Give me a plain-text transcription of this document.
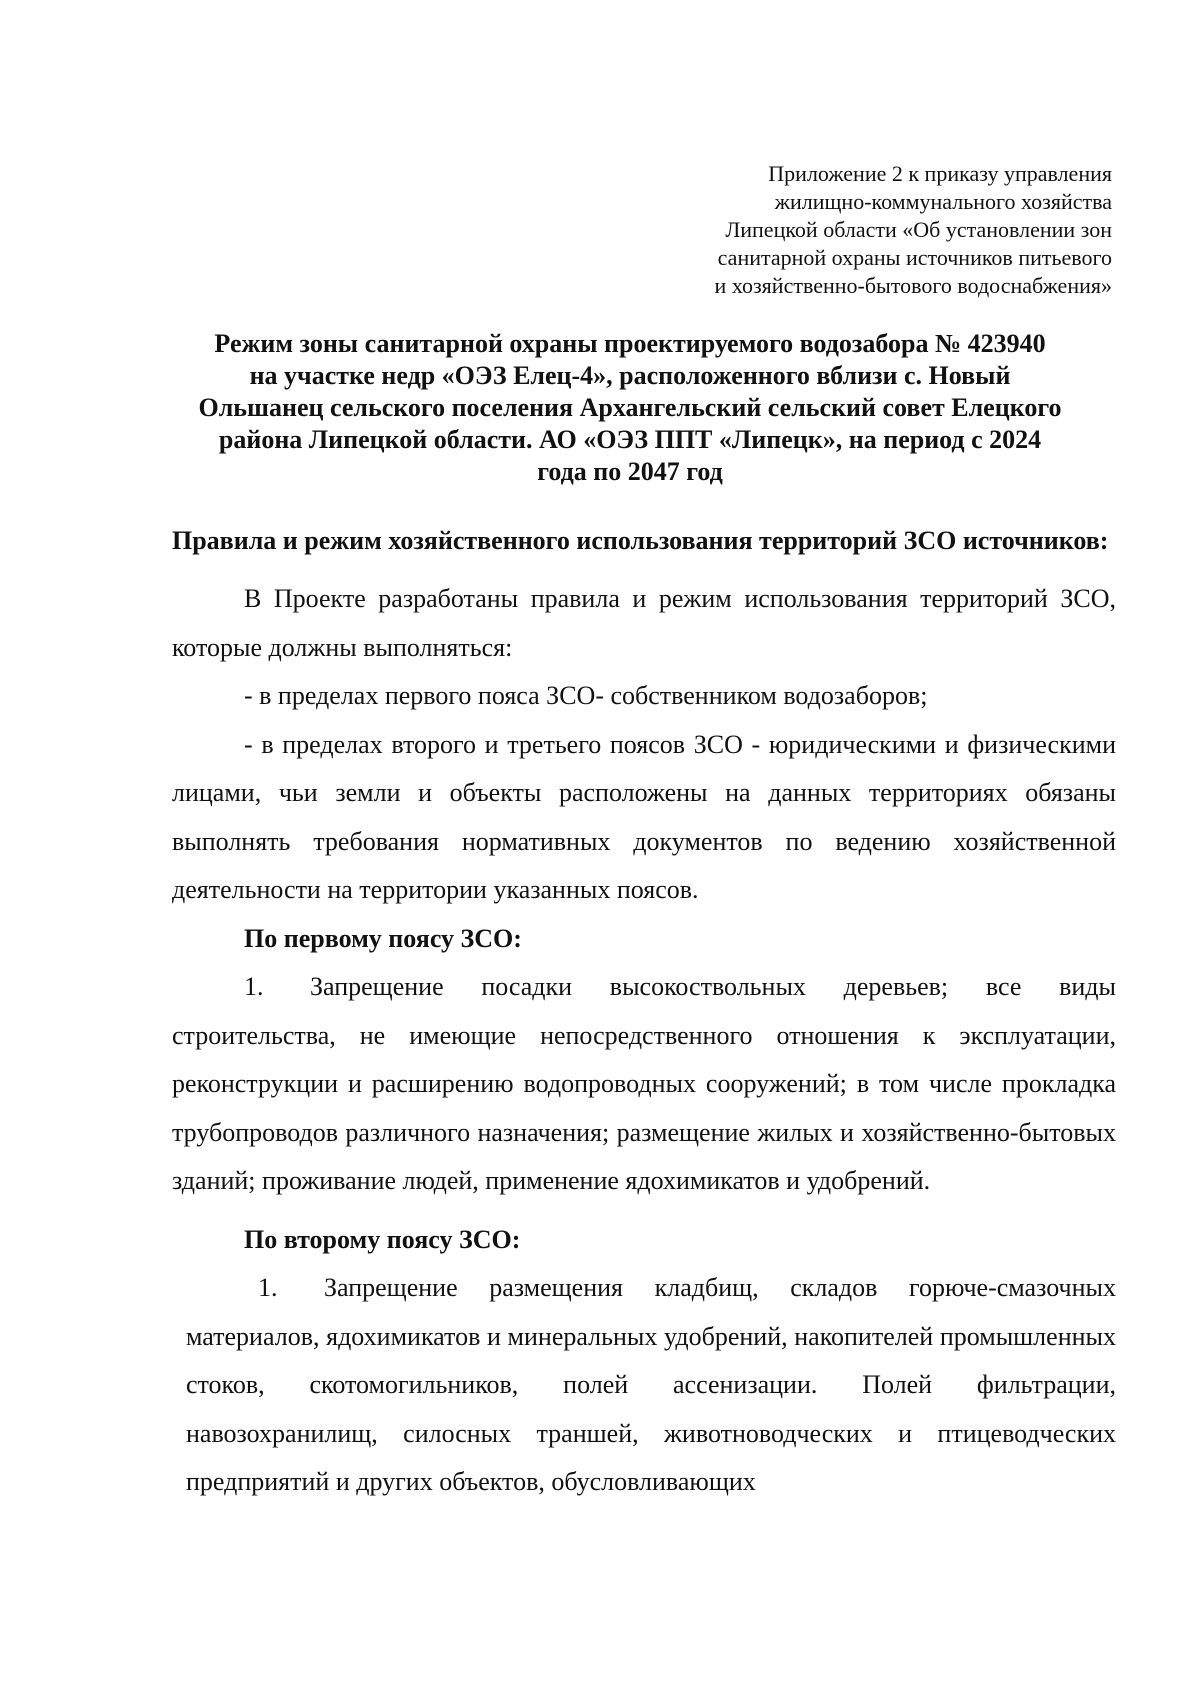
Приложение 2 к приказу управления
жилищно-коммунального хозяйства
Липецкой области «Об установлении зон
санитарной охраны источников питьевого
и хозяйственно-бытового водоснабжения»
Режим зоны санитарной охраны проектируемого водозабора № 423940
на участке недр «ОЭЗ Елец-4», расположенного вблизи с. Новый
Ольшанец сельского поселения Архангельский сельский совет Елецкого
района Липецкой области. АО «ОЭЗ ППТ «Липецк», на период с 2024
года по 2047 год

Правила и режим хозяйственного использования территорий ЗСО источников:

В Проекте разработаны правила и режим использования территорий ЗСО, которые должны выполняться:

- в пределах первого пояса ЗСО- собственником водозаборов;

- в пределах второго и третьего поясов ЗСО - юридическими и физическими лицами, чьи земли и объекты расположены на данных территориях обязаны выполнять требования нормативных документов по ведению хозяйственной деятельности на территории указанных поясов.

По первому поясу ЗСО:

1. Запрещение посадки высокоствольных деревьев; все виды строительства, не имеющие непосредственного отношения к эксплуатации, реконструкции и расширению водопроводных сооружений; в том числе прокладка трубопроводов различного назначения; размещение жилых и хозяйственно-бытовых зданий; проживание людей, применение ядохимикатов и удобрений.

По второму поясу ЗСО:

1. Запрещение размещения кладбищ, складов горюче-смазочных материалов, ядохимикатов и минеральных удобрений, накопителей промышленных стоков, скотомогильников, полей ассенизации. Полей фильтрации, навозохранилищ, силосных траншей, животноводческих и птицеводческих предприятий и других объектов, обусловливающих
